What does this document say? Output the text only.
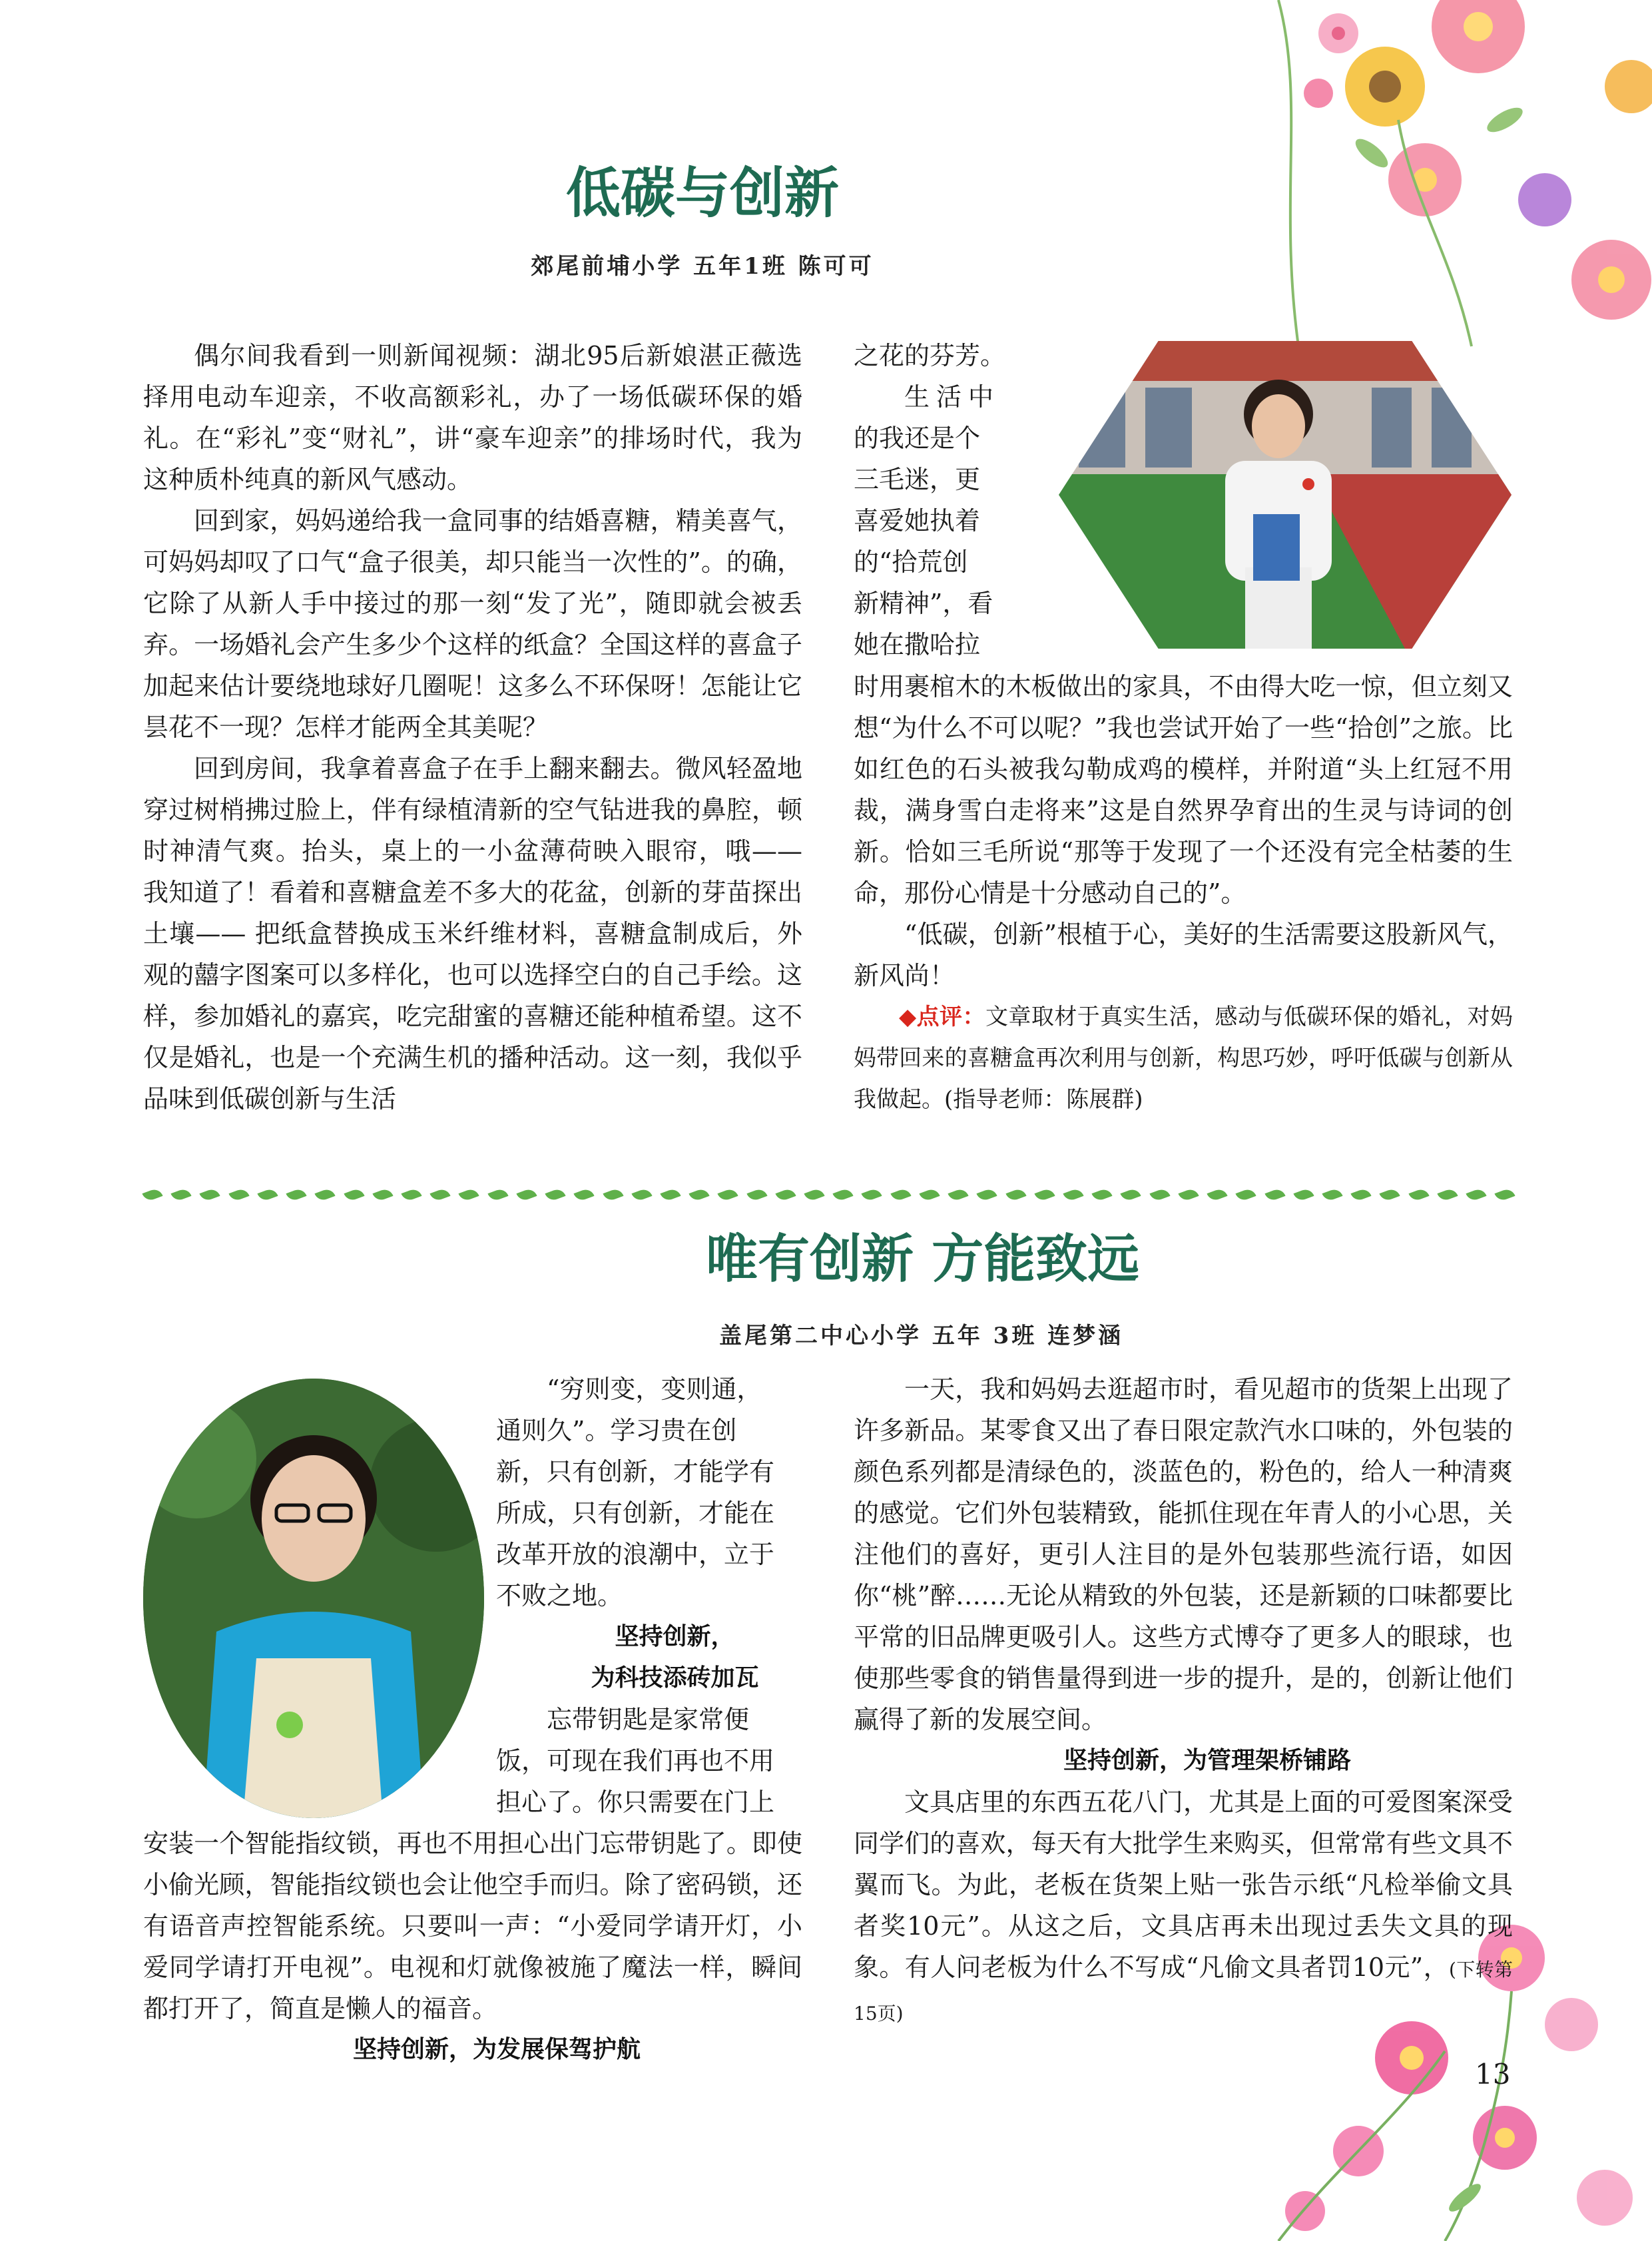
低碳与创新

郊尾前埔小学 五年1班 陈可可

偶尔间我看到一则新闻视频：湖北95后新娘湛正薇选择用电动车迎亲，不收高额彩礼，办了一场低碳环保的婚礼。在“彩礼”变“财礼”，讲“豪车迎亲”的排场时代，我为这种质朴纯真的新风气感动。

回到家，妈妈递给我一盒同事的结婚喜糖，精美喜气，可妈妈却叹了口气“盒子很美，却只能当一次性的”。的确，它除了从新人手中接过的那一刻“发了光”，随即就会被丢弃。一场婚礼会产生多少个这样的纸盒？全国这样的喜盒子加起来估计要绕地球好几圈呢！这多么不环保呀！怎能让它昙花不一现？怎样才能两全其美呢？

回到房间，我拿着喜盒子在手上翻来翻去。微风轻盈地穿过树梢拂过脸上，伴有绿植清新的空气钻进我的鼻腔，顿时神清气爽。抬头，桌上的一小盆薄荷映入眼帘，哦—— 我知道了！看着和喜糖盒差不多大的花盆，创新的芽苗探出土壤—— 把纸盒替换成玉米纤维材料，喜糖盒制成后，外观的囍字图案可以多样化，也可以选择空白的自己手绘。这样，参加婚礼的嘉宾，吃完甜蜜的喜糖还能种植希望。这不仅是婚礼，也是一个充满生机的播种活动。这一刻，我似乎品味到低碳创新与生活

之花的芬芳。
生活中
的我还是个
三毛迷，更
喜爱她执着
的“拾荒创
新精神”，看
她在撒哈拉

时用裹棺木的木板做出的家具，不由得大吃一惊，但立刻又想“为什么不可以呢？”我也尝试开始了一些“拾创”之旅。比如红色的石头被我勾勒成鸡的模样，并附道“头上红冠不用裁，满身雪白走将来”这是自然界孕育出的生灵与诗词的创新。恰如三毛所说“那等于发现了一个还没有完全枯萎的生命，那份心情是十分感动自己的”。

“低碳，创新”根植于心，美好的生活需要这股新风气，新风尚！

◆点评：文章取材于真实生活，感动与低碳环保的婚礼，对妈妈带回来的喜糖盒再次利用与创新，构思巧妙，呼吁低碳与创新从我做起。(指导老师：陈展群)

唯有创新 方能致远

盖尾第二中心小学 五年 3班 连梦涵

“穷则变，变则通，
通则久”。学习贵在创
新，只有创新，才能学有
所成，只有创新，才能在
改革开放的浪潮中，立于
不败之地。

坚持创新，

为科技添砖加瓦

忘带钥匙是家常便
饭，可现在我们再也不用
担心了。你只需要在门上

安装一个智能指纹锁，再也不用担心出门忘带钥匙了。即使小偷光顾，智能指纹锁也会让他空手而归。除了密码锁，还有语音声控智能系统。只要叫一声：“小爱同学请开灯，小爱同学请打开电视”。电视和灯就像被施了魔法一样，瞬间都打开了，简直是懒人的福音。

坚持创新，为发展保驾护航

一天，我和妈妈去逛超市时，看见超市的货架上出现了许多新品。某零食又出了春日限定款汽水口味的，外包装的颜色系列都是清绿色的，淡蓝色的，粉色的，给人一种清爽的感觉。它们外包装精致，能抓住现在年青人的小心思，关注他们的喜好，更引人注目的是外包装那些流行语，如因你“桃”醉……无论从精致的外包装，还是新颖的口味都要比平常的旧品牌更吸引人。这些方式博夺了更多人的眼球，也使那些零食的销售量得到进一步的提升，是的，创新让他们赢得了新的发展空间。

坚持创新，为管理架桥铺路

文具店里的东西五花八门，尤其是上面的可爱图案深受同学们的喜欢，每天有大批学生来购买，但常常有些文具不翼而飞。为此，老板在货架上贴一张告示纸“凡检举偷文具者奖10元”。从这之后，文具店再未出现过丢失文具的现象。有人问老板为什么不写成“凡偷文具者罚10元”，(下转第15页)

13
